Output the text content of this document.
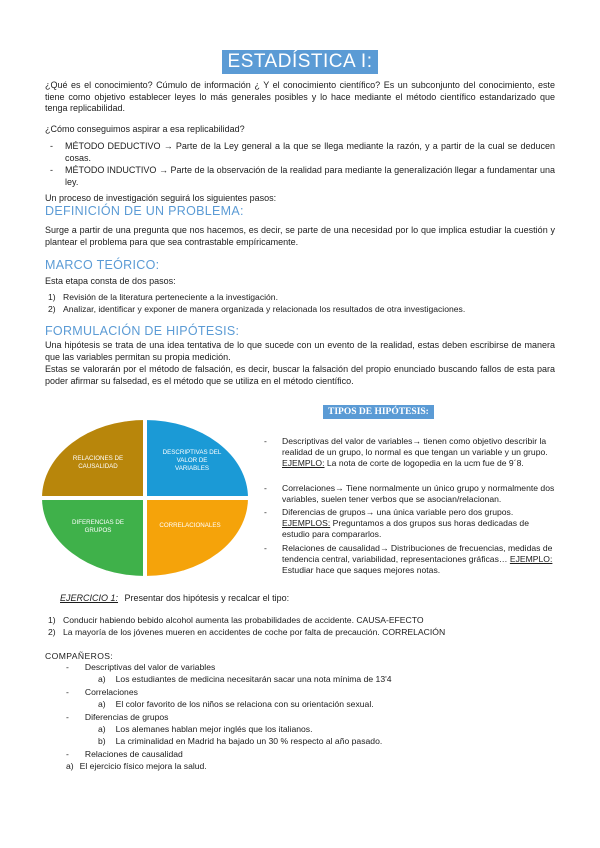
ESTADÍSTICA I:
¿Qué es el conocimiento? Cúmulo de información ¿ Y el conocimiento científico? Es un subconjunto del conocimiento, este tiene como objetivo establecer leyes lo más generales posibles y lo hace mediante el método científico estandarizado que tenga replicabilidad.
¿Cómo conseguimos aspirar a esa replicabilidad?
- MÉTODO DEDUCTIVO → Parte de la Ley general a la que se llega mediante la razón, y a partir de la cual se deducen cosas.
- MÉTODO INDUCTIVO → Parte de la observación de la realidad para mediante la generalización llegar a fundamentar una ley.
Un proceso de investigación seguirá los siguientes pasos:
DEFINICIÓN DE UN PROBLEMA:
Surge a partir de una pregunta que nos hacemos, es decir, se parte de una necesidad por lo que implica estudiar la cuestión y plantear el problema para que sea contrastable empíricamente.
MARCO TEÓRICO:
Esta etapa consta de dos pasos:
1) Revisión de la literatura perteneciente a la investigación.
2) Analizar, identificar y exponer de manera organizada y relacionada los resultados de otra investigaciones.
FORMULACIÓN DE HIPÓTESIS:
Una hipótesis se trata de una idea tentativa de lo que sucede con un evento de la realidad, estas deben escribirse de manera que las variables permitan su propia medición.
Estas se valorarán por el método de falsación, es decir, buscar la falsación del propio enunciado buscando fallos de esta para poder afirmar su falsedad, es el método que se utiliza en el método científico.
TIPOS DE HIPÓTESIS:
RELACIONES DE
CAUSALIDAD
DESCRIPTIVAS DEL
VALOR DE
VARIABLES
DIFERENCIAS DE
GRUPOS
CORRELACIONALES
- Descriptivas del valor de variables→ tienen como objetivo describir la realidad de un grupo, lo normal es que tengan un variable y un grupo. EJEMPLO: La nota de corte de logopedia en la ucm fue de 9´8.
- Correlaciones→ Tiene normalmente un único grupo y normalmente dos variables, suelen tener verbos que se asocian/relacionan.
- Diferencias de grupos→ una única variable pero dos grupos. EJEMPLOS: Preguntamos a dos grupos sus horas dedicadas de estudio para compararlos.
- Relaciones de causalidad→ Distribuciones de frecuencias, medidas de tendencia central, variabilidad, representaciones gráficas… EJEMPLO: Estudiar hace que saques mejores notas.
EJERCICIO 1: Presentar dos hipótesis y recalcar el tipo:
1) Conducir habiendo bebido alcohol aumenta las probabilidades de accidente. CAUSA-EFECTO
2) La mayoría de los jóvenes mueren en accidentes de coche por falta de precaución. CORRELACIÓN
COMPAÑEROS:
- Descriptivas del valor de variables
a) Los estudiantes de medicina necesitarán sacar una nota mínima de 13'4
- Correlaciones
a) El color favorito de los niños se relaciona con su orientación sexual.
- Diferencias de grupos
a) Los alemanes hablan mejor inglés que los italianos.
b) La criminalidad en Madrid ha bajado un 30 % respecto al año pasado.
- Relaciones de causalidad
a) El ejercicio físico mejora la salud.
